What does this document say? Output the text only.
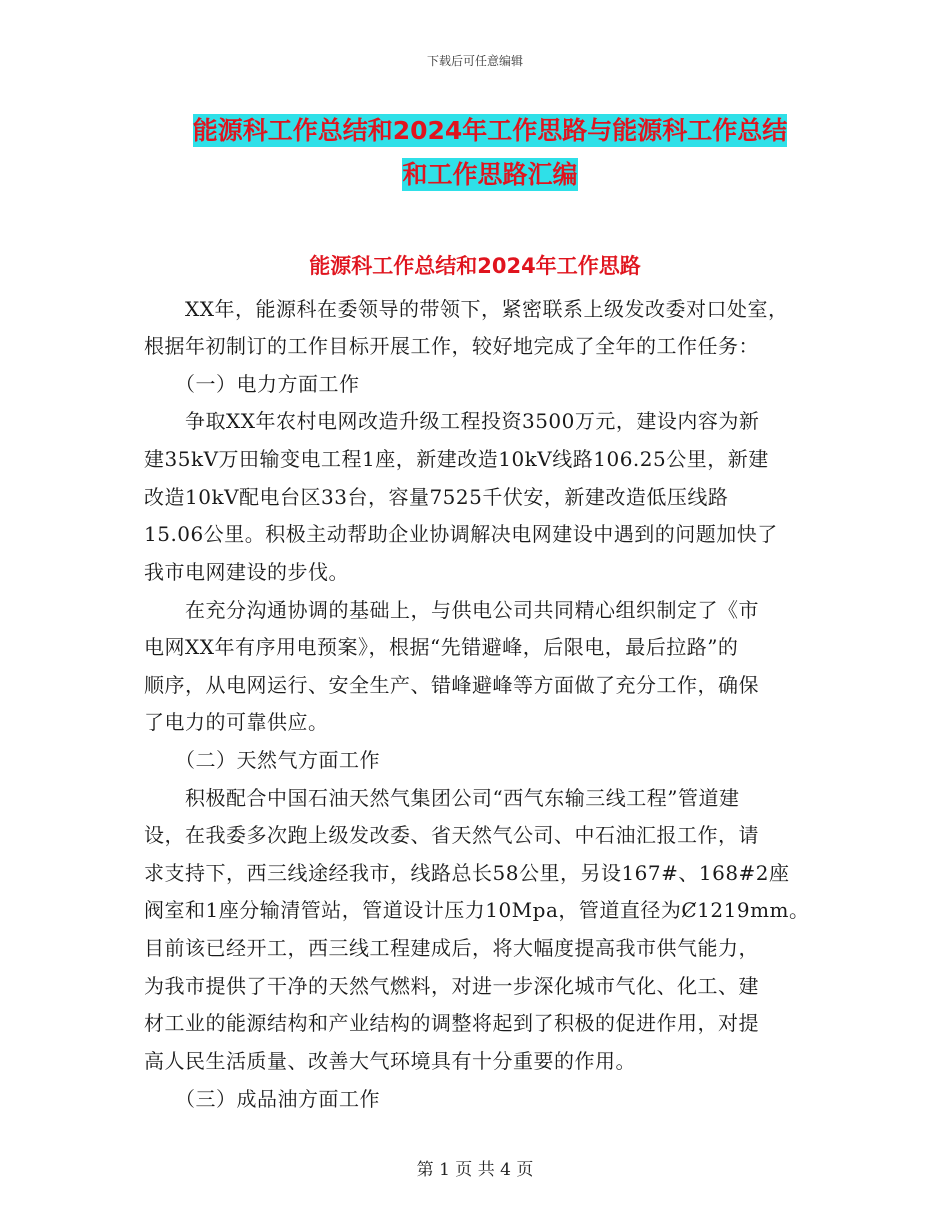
下载后可任意编辑
能源科工作总结和2024年工作思路与能源科工作总结
和工作思路汇编
能源科工作总结和2024年工作思路
　　XX年，能源科在委领导的带领下，紧密联系上级发改委对口处室，
根据年初制订的工作目标开展工作，较好地完成了全年的工作任务：
　　（一）电力方面工作
　　争取XX年农村电网改造升级工程投资3500万元，建设内容为新
建35kV万田输变电工程1座，新建改造10kV线路106.25公里，新建
改造10kV配电台区33台，容量7525千伏安，新建改造低压线路
15.06公里。积极主动帮助企业协调解决电网建设中遇到的问题加快了
我市电网建设的步伐。
　　在充分沟通协调的基础上，与供电公司共同精心组织制定了《市
电网XX年有序用电预案》，根据“先错避峰，后限电，最后拉路”的
顺序，从电网运行、安全生产、错峰避峰等方面做了充分工作，确保
了电力的可靠供应。
　　（二）天然气方面工作
　　积极配合中国石油天然气集团公司“西气东输三线工程”管道建
设，在我委多次跑上级发改委、省天然气公司、中石油汇报工作，请
求支持下，西三线途经我市，线路总长58公里，另设167#、168#2座
阀室和1座分输清管站，管道设计压力10Mpa，管道直径为Ȼ1219mm。
目前该已经开工，西三线工程建成后，将大幅度提高我市供气能力，
为我市提供了干净的天然气燃料，对进一步深化城市气化、化工、建
材工业的能源结构和产业结构的调整将起到了积极的促进作用，对提
高人民生活质量、改善大气环境具有十分重要的作用。
　　（三）成品油方面工作
第 1 页 共 4 页
